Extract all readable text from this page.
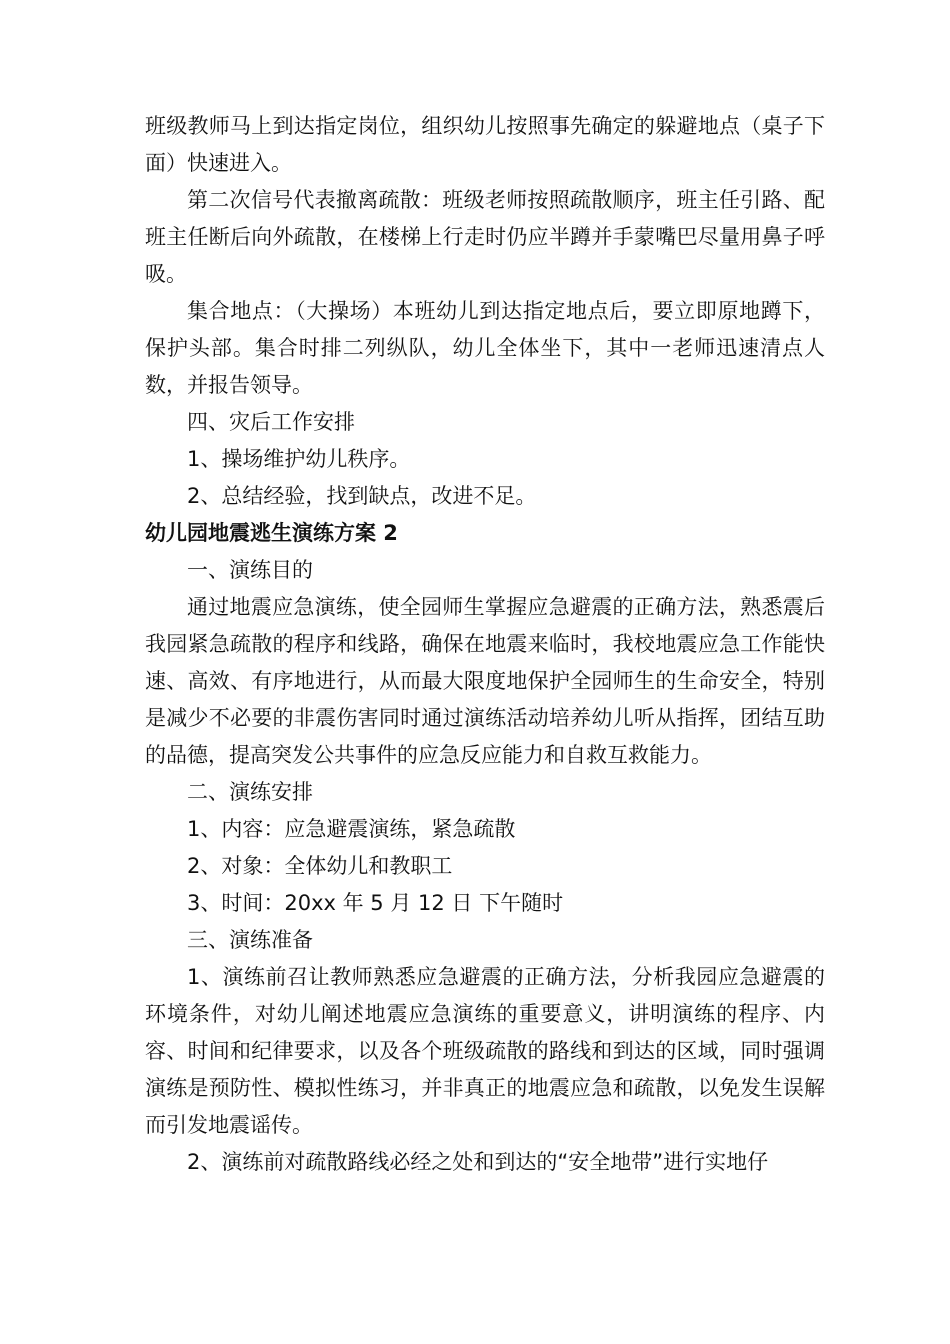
班级教师马上到达指定岗位，组织幼儿按照事先确定的躲避地点（桌子下面）快速进入。

第二次信号代表撤离疏散：班级老师按照疏散顺序，班主任引路、配班主任断后向外疏散，在楼梯上行走时仍应半蹲并手蒙嘴巴尽量用鼻子呼吸。

集合地点：（大操场）本班幼儿到达指定地点后，要立即原地蹲下，保护头部。集合时排二列纵队，幼儿全体坐下，其中一老师迅速清点人数，并报告领导。

四、灾后工作安排

1、操场维护幼儿秩序。

2、总结经验，找到缺点，改进不足。

幼儿园地震逃生演练方案 2

一、演练目的

通过地震应急演练，使全园师生掌握应急避震的正确方法，熟悉震后我园紧急疏散的程序和线路，确保在地震来临时，我校地震应急工作能快速、高效、有序地进行，从而最大限度地保护全园师生的生命安全，特别是减少不必要的非震伤害同时通过演练活动培养幼儿听从指挥，团结互助的品德，提高突发公共事件的应急反应能力和自救互救能力。

二、演练安排

1、内容：应急避震演练，紧急疏散

2、对象：全体幼儿和教职工

3、时间：20xx 年 5 月 12 日 下午随时

三、演练准备

1、演练前召让教师熟悉应急避震的正确方法，分析我园应急避震的环境条件，对幼儿阐述地震应急演练的重要意义，讲明演练的程序、内容、时间和纪律要求，以及各个班级疏散的路线和到达的区域，同时强调演练是预防性、模拟性练习，并非真正的地震应急和疏散，以免发生误解而引发地震谣传。

2、演练前对疏散路线必经之处和到达的“安全地带”进行实地仔
